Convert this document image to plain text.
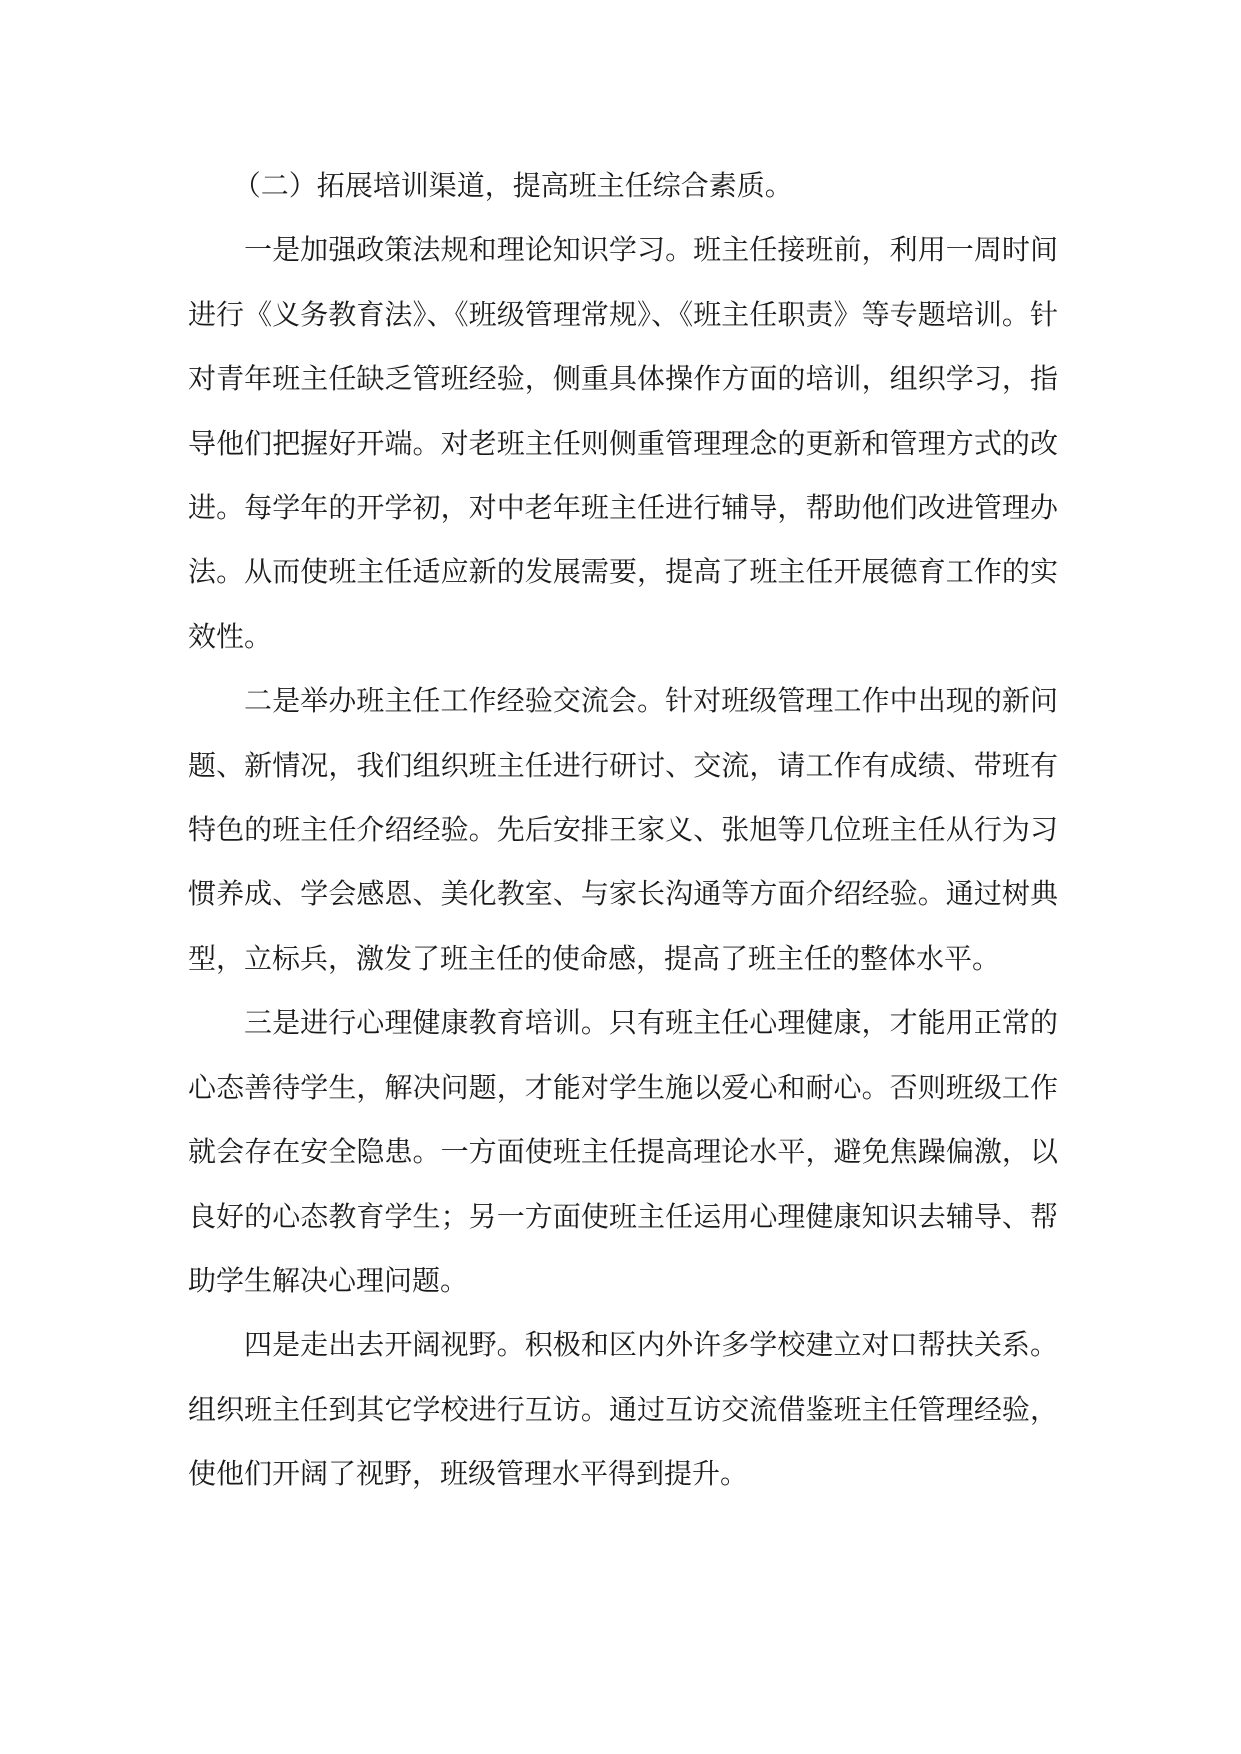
（二）拓展培训渠道，提高班主任综合素质。

一是加强政策法规和理论知识学习。班主任接班前，利用一周时间进行《义务教育法》、《班级管理常规》、《班主任职责》等专题培训。针对青年班主任缺乏管班经验，侧重具体操作方面的培训，组织学习，指导他们把握好开端。对老班主任则侧重管理理念的更新和管理方式的改进。每学年的开学初，对中老年班主任进行辅导，帮助他们改进管理办法。从而使班主任适应新的发展需要，提高了班主任开展德育工作的实效性。

二是举办班主任工作经验交流会。针对班级管理工作中出现的新问题、新情况，我们组织班主任进行研讨、交流，请工作有成绩、带班有特色的班主任介绍经验。先后安排王家义、张旭等几位班主任从行为习惯养成、学会感恩、美化教室、与家长沟通等方面介绍经验。通过树典型，立标兵，激发了班主任的使命感，提高了班主任的整体水平。

三是进行心理健康教育培训。只有班主任心理健康，才能用正常的心态善待学生，解决问题，才能对学生施以爱心和耐心。否则班级工作就会存在安全隐患。一方面使班主任提高理论水平，避免焦躁偏激，以良好的心态教育学生；另一方面使班主任运用心理健康知识去辅导、帮助学生解决心理问题。

四是走出去开阔视野。积极和区内外许多学校建立对口帮扶关系。组织班主任到其它学校进行互访。通过互访交流借鉴班主任管理经验，使他们开阔了视野，班级管理水平得到提升。
